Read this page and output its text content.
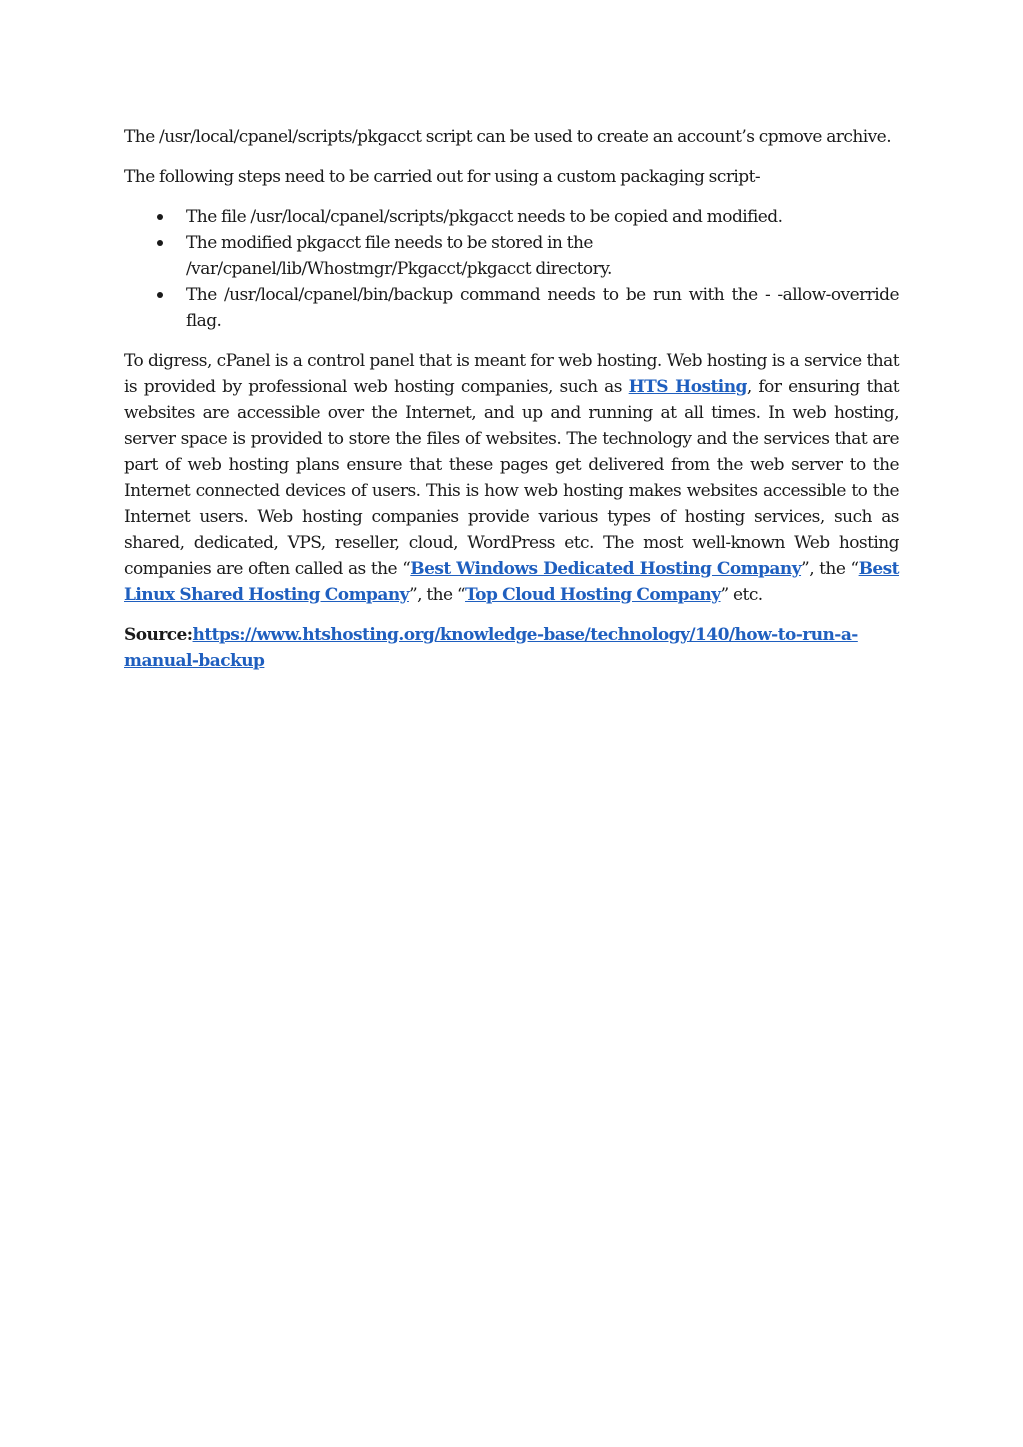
The /usr/local/cpanel/scripts/pkgacct script can be used to create an account’s cpmove archive.

The following steps need to be carried out for using a custom packaging script-

The file /usr/local/cpanel/scripts/pkgacct needs to be copied and modified.
The modified pkgacct file needs to be stored in the /var/cpanel/lib/Whostmgr/Pkgacct/pkgacct directory.
The /usr/local/cpanel/bin/backup command needs to be run with the - -allow-override flag.

To digress, cPanel is a control panel that is meant for web hosting. Web hosting is a service that is provided by professional web hosting companies, such as HTS Hosting, for ensuring that websites are accessible over the Internet, and up and running at all times. In web hosting, server space is provided to store the files of websites. The technology and the services that are part of web hosting plans ensure that these pages get delivered from the web server to the Internet connected devices of users. This is how web hosting makes websites accessible to the Internet users. Web hosting companies provide various types of hosting services, such as shared, dedicated, VPS, reseller, cloud, WordPress etc. The most well-known Web hosting companies are often called as the “Best Windows Dedicated Hosting Company”, the “Best Linux Shared Hosting Company”, the “Top Cloud Hosting Company” etc.

Source:https://www.htshosting.org/knowledge-base/technology/140/how-to-run-a-manual-backup
